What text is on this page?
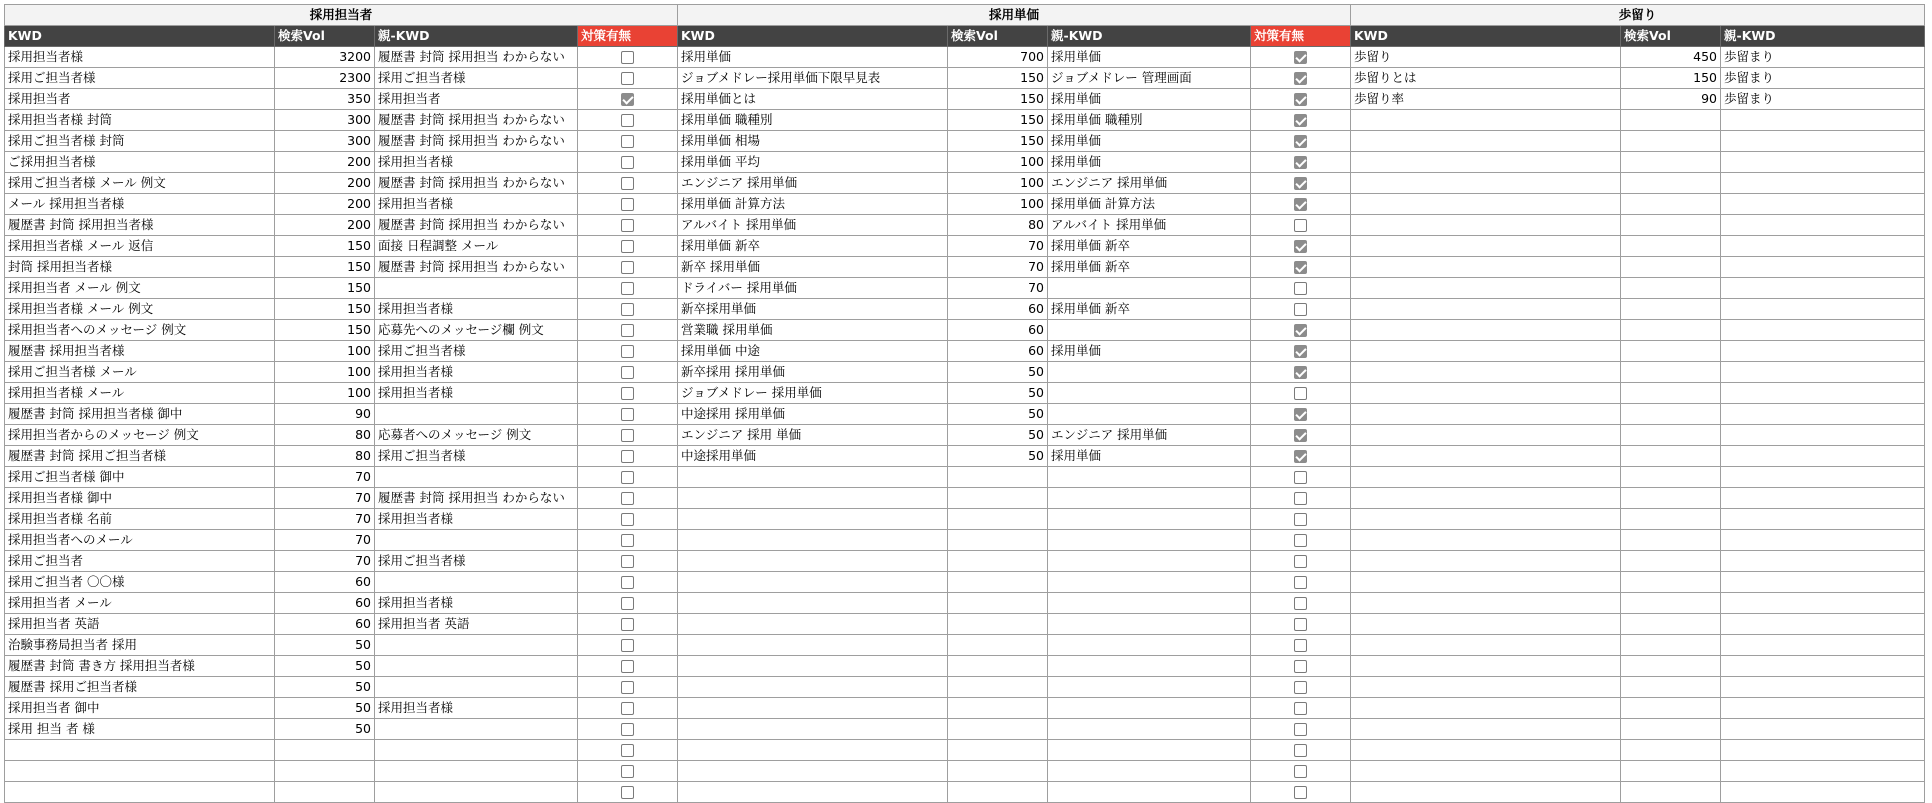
採用担当者				採用単価				歩留り		
KWD	検索Vol	親-KWD	対策有無	KWD	検索Vol	親-KWD	対策有無	KWD	検索Vol	親-KWD
採用担当者様	3200	履歴書 封筒 採用担当 わからない		採用単価	700	採用単価		歩留り	450	歩留まり
採用ご担当者様	2300	採用ご担当者様		ジョブメドレー採用単価下限早見表	150	ジョブメドレー 管理画面		歩留りとは	150	歩留まり
採用担当者	350	採用担当者		採用単価とは	150	採用単価		歩留り率	90	歩留まり
採用担当者様 封筒	300	履歴書 封筒 採用担当 わからない		採用単価 職種別	150	採用単価 職種別				
採用ご担当者様 封筒	300	履歴書 封筒 採用担当 わからない		採用単価 相場	150	採用単価				
ご採用担当者様	200	採用担当者様		採用単価 平均	100	採用単価				
採用ご担当者様 メール 例文	200	履歴書 封筒 採用担当 わからない		エンジニア 採用単価	100	エンジニア 採用単価				
メール 採用担当者様	200	採用担当者様		採用単価 計算方法	100	採用単価 計算方法				
履歴書 封筒 採用担当者様	200	履歴書 封筒 採用担当 わからない		アルバイト 採用単価	80	アルバイト 採用単価				
採用担当者様 メール 返信	150	面接 日程調整 メール		採用単価 新卒	70	採用単価 新卒				
封筒 採用担当者様	150	履歴書 封筒 採用担当 わからない		新卒 採用単価	70	採用単価 新卒				
採用担当者 メール 例文	150			ドライバー 採用単価	70					
採用担当者様 メール 例文	150	採用担当者様		新卒採用単価	60	採用単価 新卒				
採用担当者へのメッセージ 例文	150	応募先へのメッセージ欄 例文		営業職 採用単価	60					
履歴書 採用担当者様	100	採用ご担当者様		採用単価 中途	60	採用単価				
採用ご担当者様 メール	100	採用担当者様		新卒採用 採用単価	50					
採用担当者様 メール	100	採用担当者様		ジョブメドレー 採用単価	50					
履歴書 封筒 採用担当者様 御中	90			中途採用 採用単価	50					
採用担当者からのメッセージ 例文	80	応募者へのメッセージ 例文		エンジニア 採用 単価	50	エンジニア 採用単価				
履歴書 封筒 採用ご担当者様	80	採用ご担当者様		中途採用単価	50	採用単価				
採用ご担当者様 御中	70									
採用担当者様 御中	70	履歴書 封筒 採用担当 わからない								
採用担当者様 名前	70	採用担当者様								
採用担当者へのメール	70									
採用ご担当者	70	採用ご担当者様								
採用ご担当者 〇〇様	60									
採用担当者 メール	60	採用担当者様								
採用担当者 英語	60	採用担当者 英語								
治験事務局担当者 採用	50									
履歴書 封筒 書き方 採用担当者様	50									
履歴書 採用ご担当者様	50									
採用担当者 御中	50	採用担当者様								
採用 担当 者 様	50									
